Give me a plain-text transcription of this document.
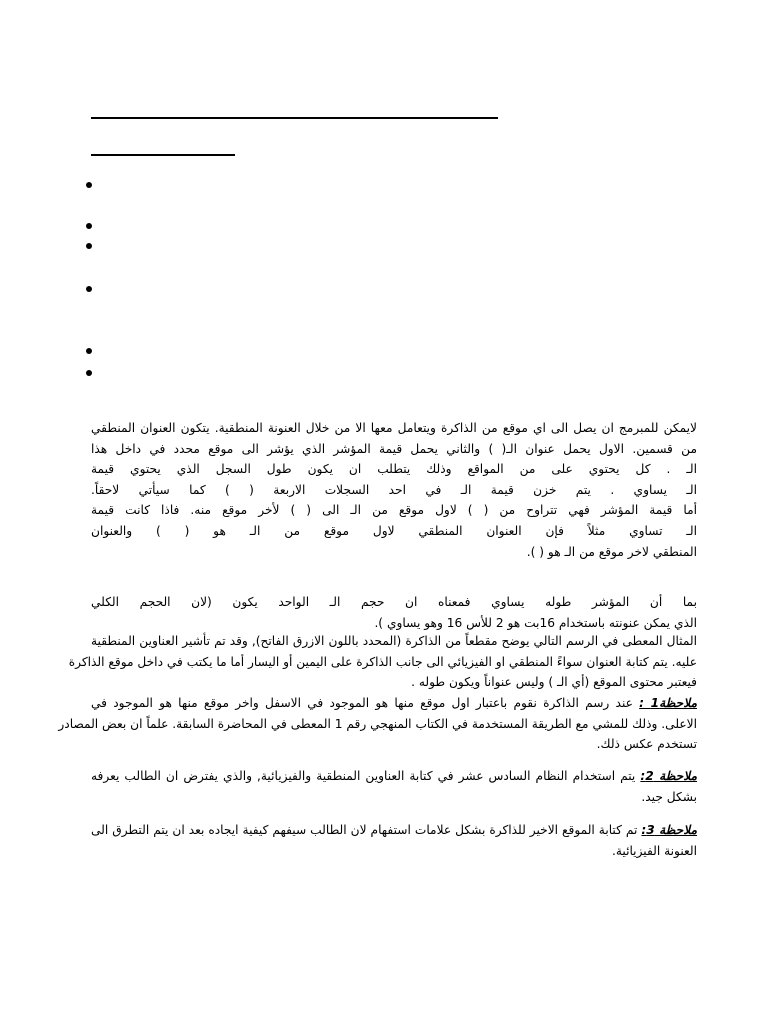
لايمكن للمبرمج ان يصل الى اي موقع من الذاكرة ويتعامل معها الا من خلال العنونة المنطقية. يتكون العنوان المنطقي
من قسمين. الاول يحمل عنوان الـ( ) والثاني يحمل قيمة المؤشر الذي يؤشر الى موقع محدد في داخل هذا
الـ . كل يحتوي على من المواقع وذلك يتطلب ان يكون طول السجل الذي يحتوي قيمة
الـ يساوي . يتم خزن قيمة الـ في احد السجلات الاربعة ( ) كما سيأتي لاحقاً.
أما قيمة المؤشر فهي تتراوح من ( ) لاول موقع من الـ الى ( ) لأخر موقع منه. فاذا كانت قيمة
الـ تساوي مثلاً فإن العنوان المنطقي لاول موقع من الـ هو ( ) والعنوان
المنطقي لاخر موقع من الـ هو ( ).
بما أن المؤشر طوله يساوي فمعناه ان حجم الـ الواحد يكون (لان الحجم الكلي
الذي يمكن عنونته باستخدام 16بت هو 2 للأس 16 وهو يساوي ).
المثال المعطى في الرسم التالي يوضح مقطعاً من الذاكرة (المحدد باللون الازرق الفاتح), وقد تم تأشير العناوين المنطقية
عليه. يتم كتابة العنوان سواءً المنطقي او الفيزيائي الى جانب الذاكرة على اليمين أو اليسار أما ما يكتب في داخل موقع الذاكرة
فيعتبر محتوى الموقع (أي الـ ) وليس عنواناً ويكون طوله .
ملاحظة1 : عند رسم الذاكرة نقوم باعتبار اول موقع منها هو الموجود في الاسفل واخر موقع منها هو الموجود في
الاعلى. وذلك للمشي مع الطريقة المستخدمة في الكتاب المنهجي رقم 1 المعطى في المحاضرة السابقة. علماً ان بعض المصادر
تستخدم عكس ذلك.
ملاحظة 2: يتم استخدام النظام السادس عشر في كتابة العناوين المنطقية والفيزيائية, والذي يفترض ان الطالب يعرفه
بشكل جيد.
ملاحظة 3: تم كتابة الموقع الاخير للذاكرة بشكل علامات استفهام لان الطالب سيفهم كيفية ايجاده بعد ان يتم التطرق الى
العنونة الفيزيائية.
